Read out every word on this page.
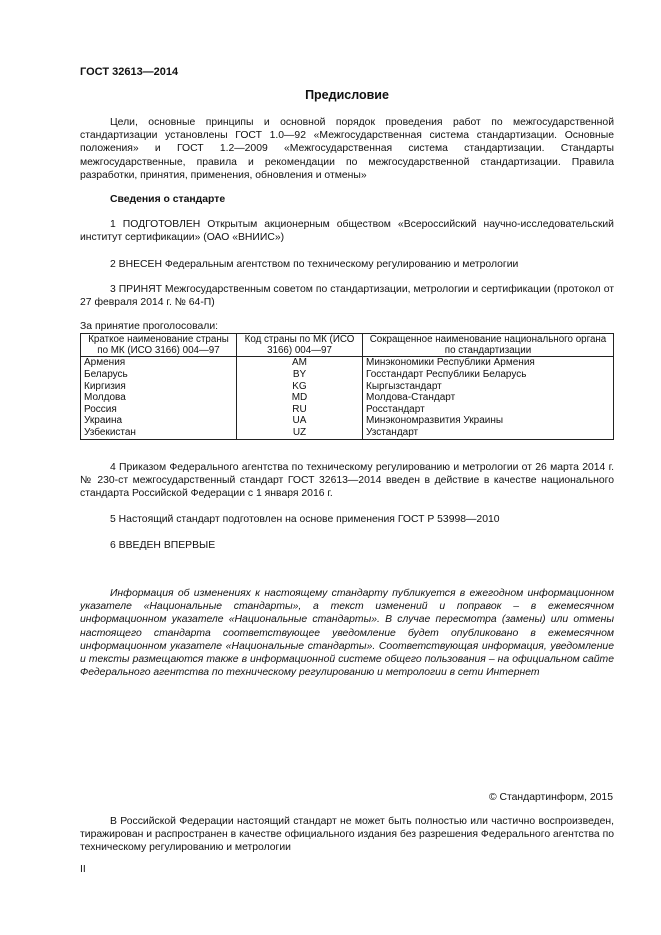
ГОСТ 32613—2014
Предисловие
Цели, основные принципы и основной порядок проведения работ по межгосударственной стандартизации установлены ГОСТ 1.0—92 «Межгосударственная система стандартизации. Основные положения» и ГОСТ 1.2—2009 «Межгосударственная система стандартизации. Стандарты межгосударственные, правила и рекомендации по межгосударственной стандартизации. Правила разработки, принятия, применения, обновления и отмены»
Сведения о стандарте
1 ПОДГОТОВЛЕН Открытым акционерным обществом «Всероссийский научно-исследовательский институт сертификации» (ОАО «ВНИИС»)
2 ВНЕСЕН Федеральным агентством по техническому регулированию и метрологии
3 ПРИНЯТ Межгосударственным советом по стандартизации, метрологии и сертификации (протокол от 27 февраля 2014 г. № 64-П)
За принятие проголосовали:
Краткое наименование страны по МК (ИСО 3166) 004—97	Код страны по МК (ИСО 3166) 004—97	Сокращенное наименование национального органа по стандартизации
Армения	AM	Минэкономики Республики Армения
Беларусь	BY	Госстандарт Республики Беларусь
Киргизия	KG	Кыргызстандарт
Молдова	MD	Молдова-Стандарт
Россия	RU	Росстандарт
Украина	UA	Минэкономразвития Украины
Узбекистан	UZ	Узстандарт
4 Приказом Федерального агентства по техническому регулированию и метрологии от 26 марта 2014 г. № 230-ст межгосударственный стандарт ГОСТ 32613—2014 введен в действие в качестве национального стандарта Российской Федерации с 1 января 2016 г.
5 Настоящий стандарт подготовлен на основе применения ГОСТ Р 53998—2010
6 ВВЕДЕН ВПЕРВЫЕ
Информация об изменениях к настоящему стандарту публикуется в ежегодном информационном указателе «Национальные стандарты», а текст изменений и поправок – в ежемесячном информационном указателе «Национальные стандарты». В случае пересмотра (замены) или отмены настоящего стандарта соответствующее уведомление будет опубликовано в ежемесячном информационном указателе «Национальные стандарты». Соответствующая информация, уведомление и тексты размещаются также в информационной системе общего пользования – на официальном сайте Федерального агентства по техническому регулированию и метрологии в сети Интернет
© Стандартинформ, 2015
В Российской Федерации настоящий стандарт не может быть полностью или частично воспроизведен, тиражирован и распространен в качестве официального издания без разрешения Федерального агентства по техническому регулированию и метрологии
II
